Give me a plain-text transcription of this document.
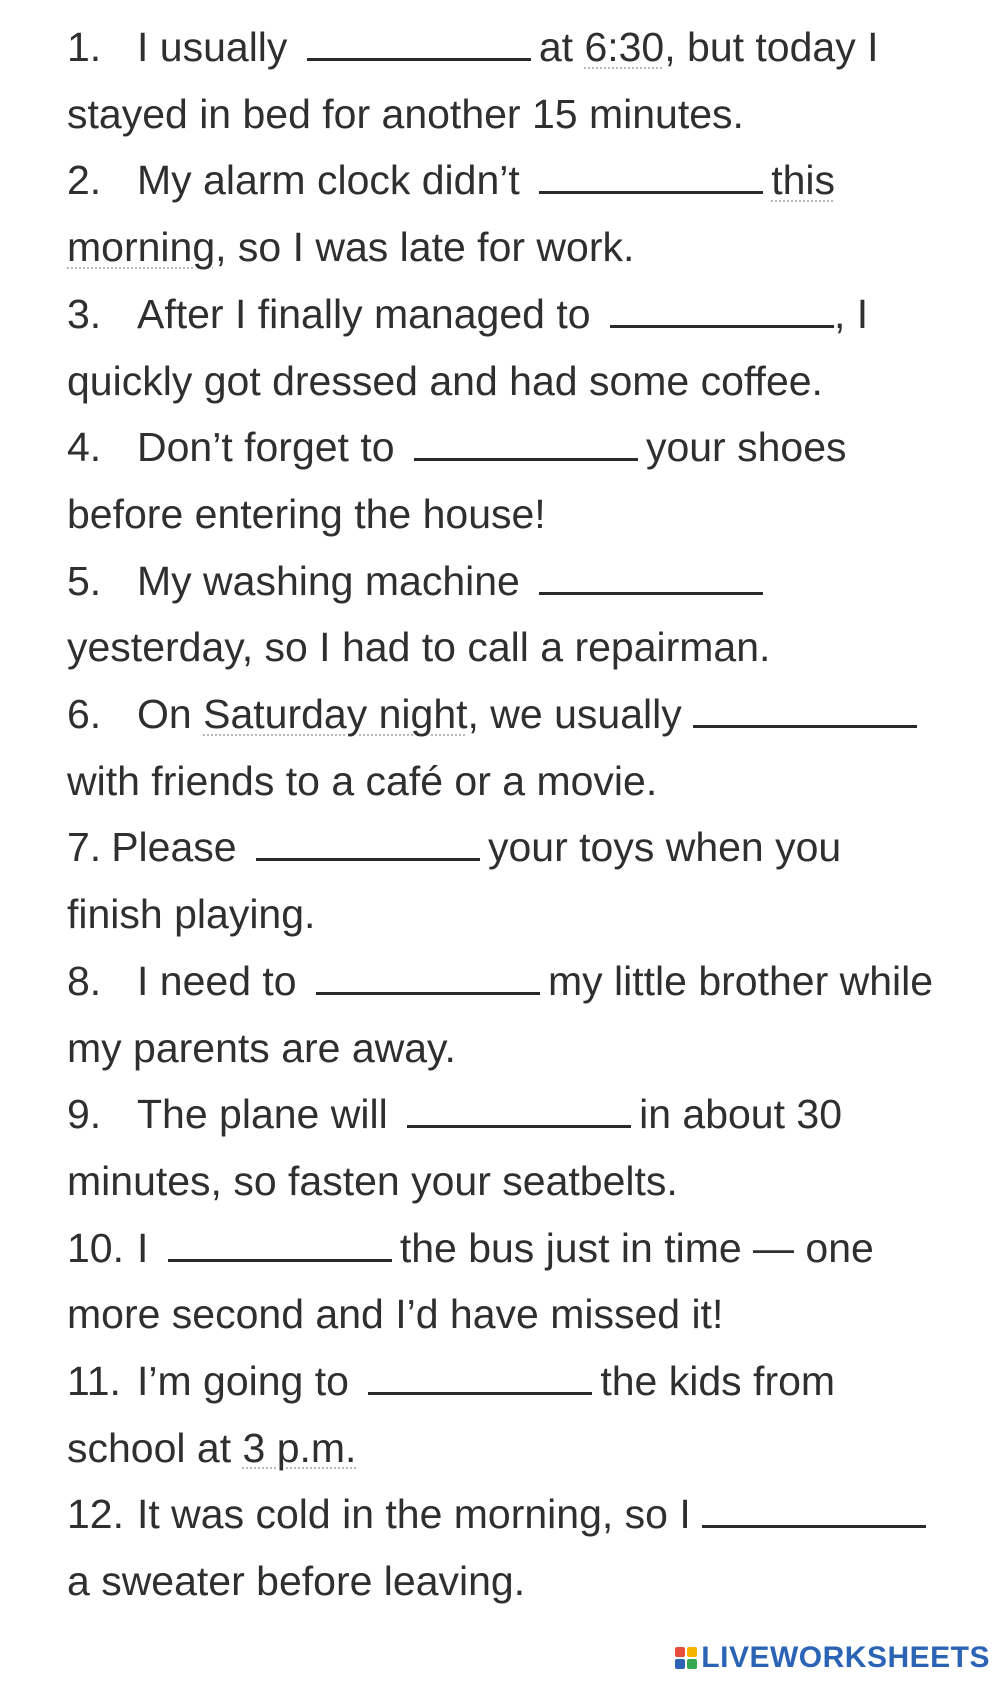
1. I usually	at 6:30, but today I stayed in bed for another 15 minutes.

2. My alarm clock didn’t	this morning, so I was late for work.

3. After I finally managed to	, I quickly got dressed and had some coffee.

4. Don’t forget to	your shoes before entering the house!

5. My washing machine yesterday, so I had to call a repairman.

6. On Saturday night, we usually with friends to a café or a movie.

7. Please	your toys when you finish playing.

8. I need to	my little brother while my parents are away.

9. The plane will	in about 30 minutes, so fasten your seatbelts.

10. I	the bus just in time — one more second and I’d have missed it!

11. I’m going to	the kids from school at 3 p.m.

12. It was cold in the morning, so I a sweater before leaving.

LIVEWORKSHEETS
